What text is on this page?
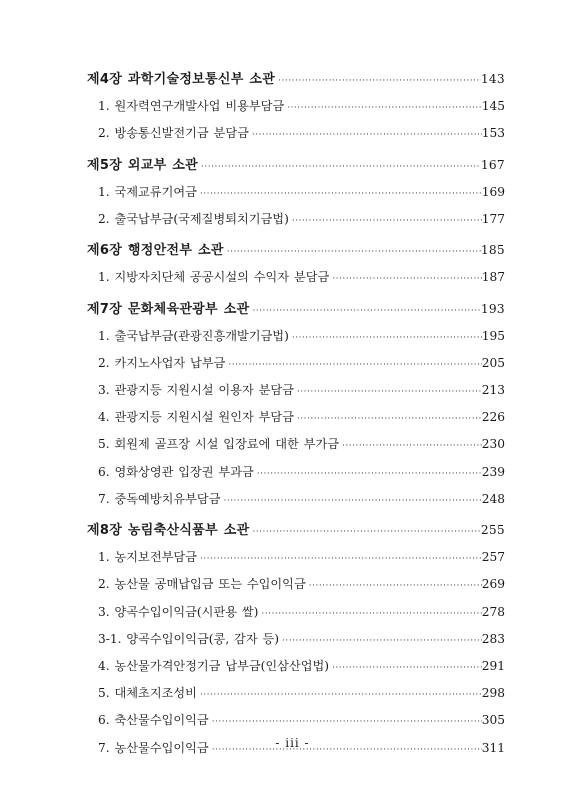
제4장 과학기술정보통신부 소관 ·····	143
1. 원자력연구개발사업 비용부담금 ·····	145
2. 방송통신발전기금 분담금 ·····	153
제5장 외교부 소관 ·····	167
1. 국제교류기여금 ·····	169
2. 출국납부금(국제질병퇴치기금법) ·····	177
제6장 행정안전부 소관 ·····	185
1. 지방자치단체 공공시설의 수익자 분담금 ·····	187
제7장 문화체육관광부 소관 ·····	193
1. 출국납부금(관광진흥개발기금법) ·····	195
2. 카지노사업자 납부금 ·····	205
3. 관광지등 지원시설 이용자 분담금 ·····	213
4. 관광지등 지원시설 원인자 부담금 ·····	226
5. 회원제 골프장 시설 입장료에 대한 부가금 ·····	230
6. 영화상영관 입장권 부과금 ·····	239
7. 중독예방치유부담금 ·····	248
제8장 농림축산식품부 소관 ·····	255
1. 농지보전부담금 ·····	257
2. 농산물 공매납입금 또는 수입이익금 ·····	269
3. 양곡수입이익금(시판용 쌀) ·····	278
3-1. 양곡수입이익금(콩, 감자 등) ·····	283
4. 농산물가격안정기금 납부금(인삼산업법) ·····	291
5. 대체초지조성비 ·····	298
6. 축산물수입이익금 ·····	305
7. 농산물수입이익금 ·····	311
- iii -
